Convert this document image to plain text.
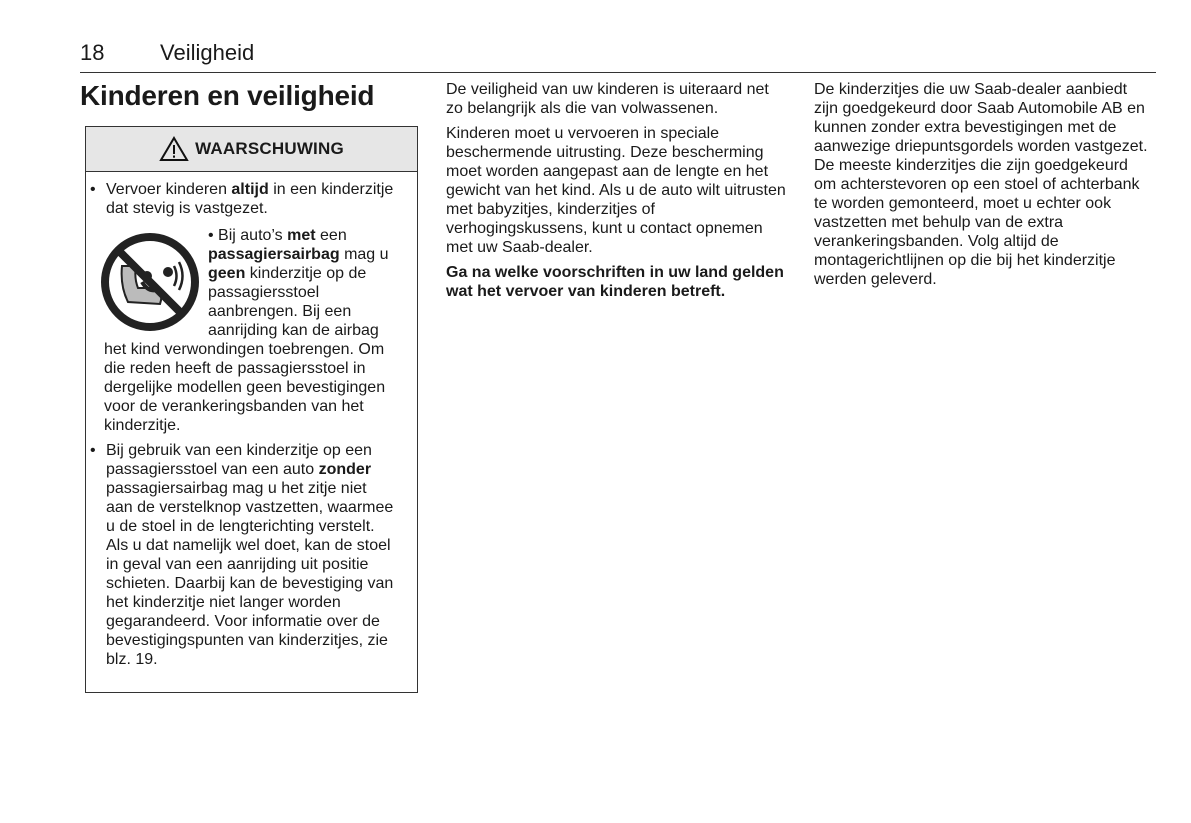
18	Veiligheid
Kinderen en veiligheid
WAARSCHUWING
• Vervoer kinderen altijd in een kinderzitje dat stevig is vastgezet.
• Bij auto’s met een passagiersairbag mag u geen kinderzitje op de passagiersstoel aanbrengen. Bij een aanrijding kan de airbag het kind verwondingen toebrengen. Om die reden heeft de passagiersstoel in dergelijke modellen geen bevestigingen voor de verankeringsbanden van het kinderzitje.
• Bij gebruik van een kinderzitje op een passagiersstoel van een auto zonder passagiersairbag mag u het zitje niet aan de verstelknop vastzetten, waarmee u de stoel in de lengterichting verstelt. Als u dat namelijk wel doet, kan de stoel in geval van een aanrijding uit positie schieten. Daarbij kan de bevestiging van het kinderzitje niet langer worden gegarandeerd. Voor informatie over de bevestigingspunten van kinderzitjes, zie blz. 19.

De veiligheid van uw kinderen is uiteraard net zo belangrijk als die van volwassenen.

Kinderen moet u vervoeren in speciale beschermende uitrusting. Deze bescherming moet worden aangepast aan de lengte en het gewicht van het kind. Als u de auto wilt uitrusten met babyzitjes, kinderzitjes of verhogingskussens, kunt u contact opnemen met uw Saab-dealer.

Ga na welke voorschriften in uw land gelden wat het vervoer van kinderen betreft.

De kinderzitjes die uw Saab-dealer aanbiedt zijn goedgekeurd door Saab Automobile AB en kunnen zonder extra bevestigingen met de aanwezige driepuntsgordels worden vastgezet. De meeste kinderzitjes die zijn goedgekeurd om achterstevoren op een stoel of achterbank te worden gemonteerd, moet u echter ook vastzetten met behulp van de extra verankeringsbanden. Volg altijd de montagerichtlijnen op die bij het kinderzitje werden geleverd.
